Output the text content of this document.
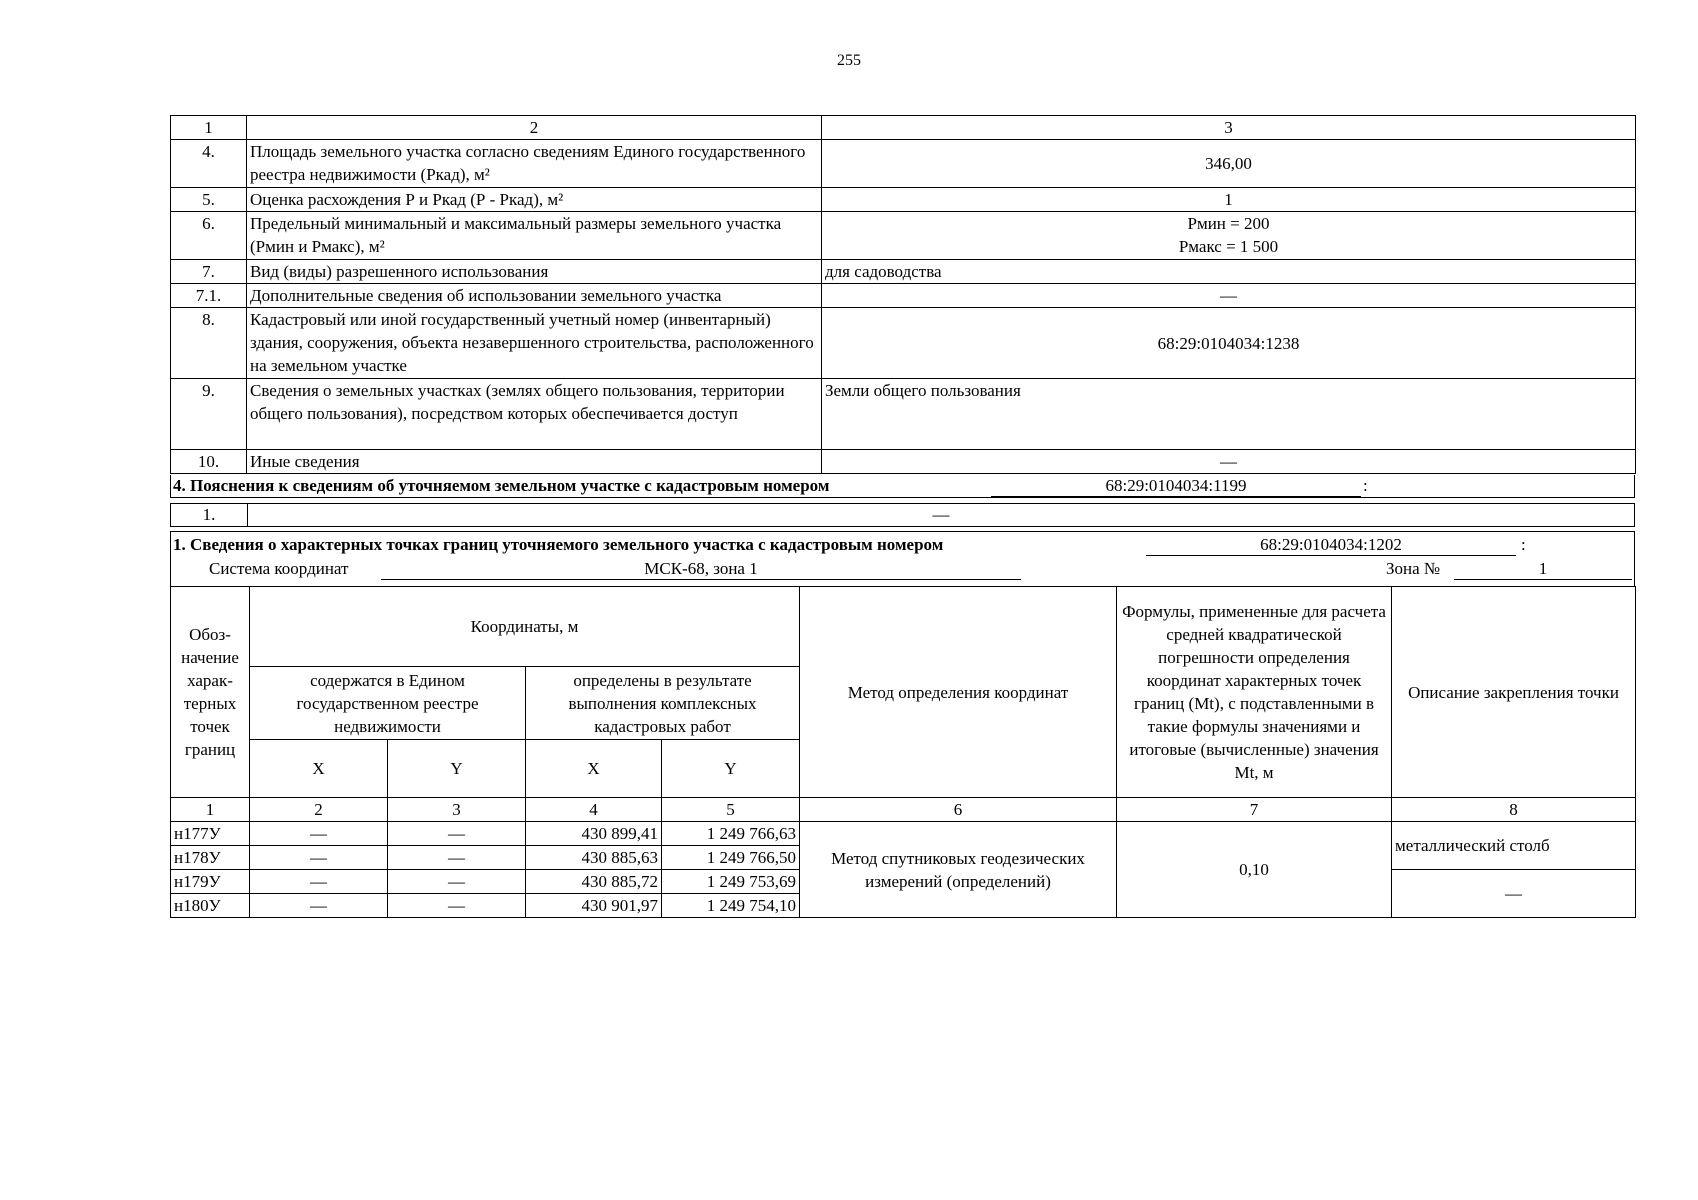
255
1	2	3
4.	Площадь земельного участка согласно сведениям Единого государственного реестра недвижимости (Ркад), м²	346,00
5.	Оценка расхождения Р и Ркад (Р - Ркад), м²	1
6.	Предельный минимальный и максимальный размеры земельного участка (Рмин и Рмакс), м²	Рмин = 200
Рмакс = 1 500

7.	Вид (виды) разрешенного использования	для садоводства
7.1.	Дополнительные сведения об использовании земельного участка	—
8.	Кадастровый или иной государственный учетный номер (инвентарный) здания, сооружения, объекта незавершенного строительства, расположенного на земельном участке	68:29:0104034:1238
9.	Сведения о земельных участках (землях общего пользования, территории общего пользования), посредством которых обеспечивается доступ	Земли общего пользования
10.	Иные сведения	—
4. Пояснения к сведениям об уточняемом земельном участке с кадастровым номером	68:29:0104034:1199	:
1.	—
1. Сведения о характерных точках границ уточняемого земельного участка с кадастровым номером	68:29:0104034:1202	:
Система координат	МСК-68, зона 1	Зона №	1
Обоз-начение харак-терных точек границ	Координаты, м				Метод определения координат	Формулы, примененные для расчета средней квадратической погрешности определения координат характерных точек границ (Mt), с подставленными в такие формулы значениями и итоговые (вычисленные) значения Mt, м	Описание закрепления точки
	содержатся в Едином государственном реестре недвижимости		определены в результате выполнения комплексных кадастровых работ				
	X	Y	X	Y			
1	2	3	4	5	6	7	8
н177У	—	—	430 899,41	1 249 766,63	Метод спутниковых геодезических измерений (определений)	0,10	металлический столб
н178У	—	—	430 885,63	1 249 766,50			
н179У	—	—	430 885,72	1 249 753,69			—
н180У	—	—	430 901,97	1 249 754,10			
